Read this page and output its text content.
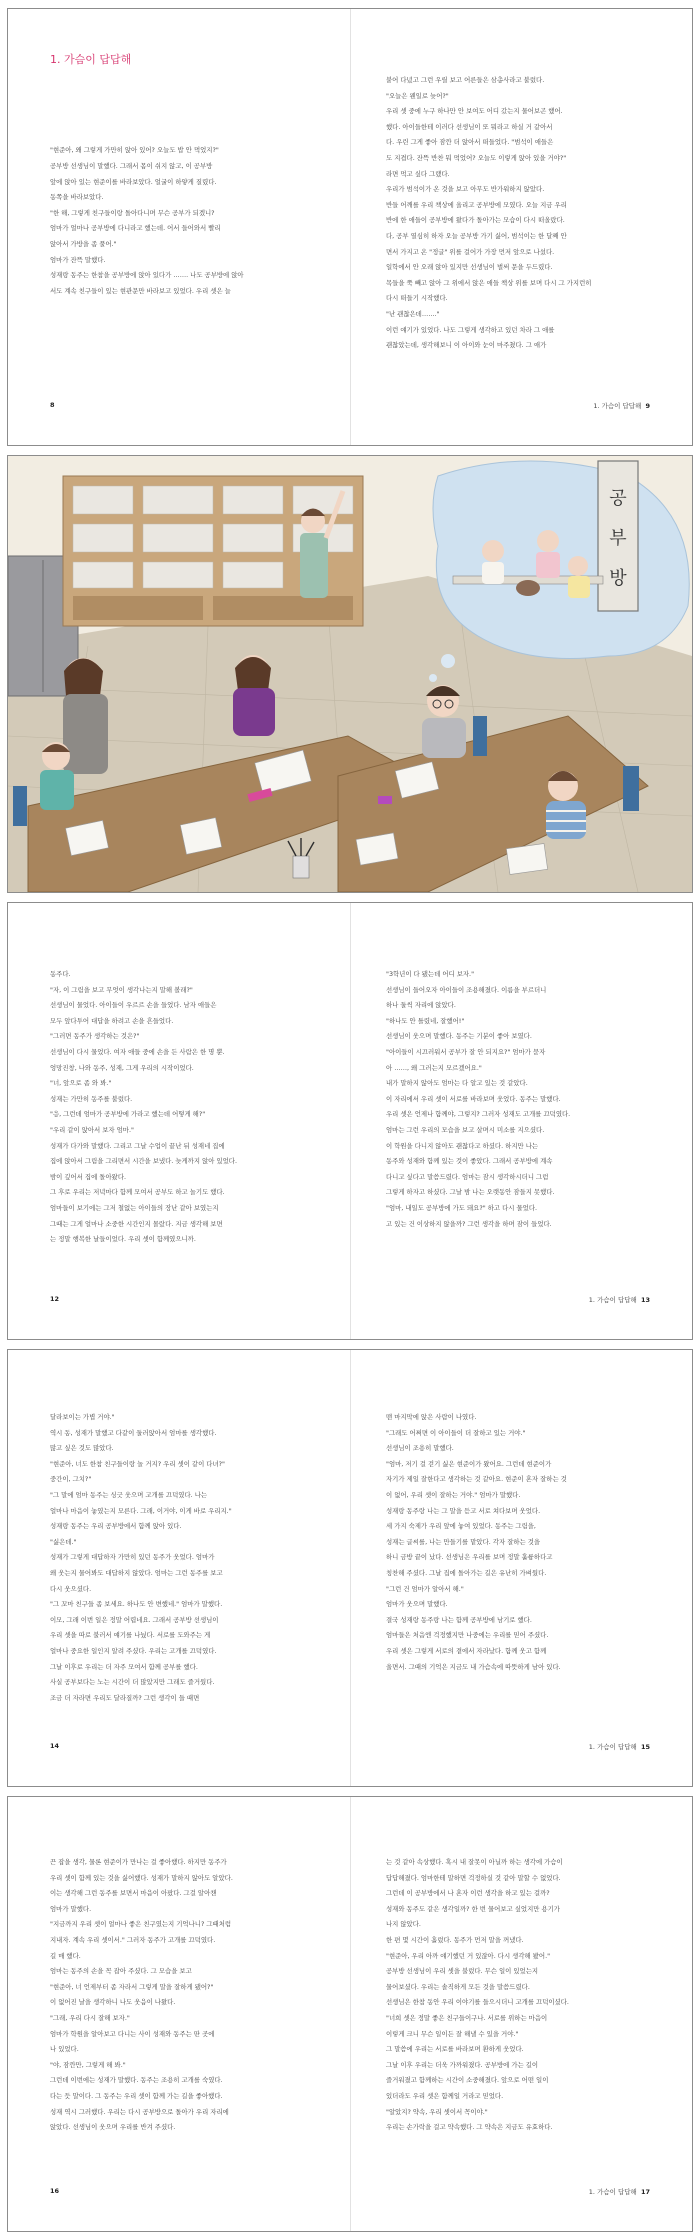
1. 가슴이 답답해

"현준아, 왜 그렇게 가만히 앉아 있어? 오늘도 밥 안 먹었지?"

공부방 선생님이 말했다. 그래서 몸이 쉬지 않고, 이 공부방

앞에 앉아 있는 현준이를 바라보았다. 얼굴이 하얗게 질렸다.

동쪽을 바라보았다.

"한 해, 그렇게 친구들이랑 돌아다니며 무슨 공부가 되겠니?

엄마가 얼마나 공부방에 다니라고 했는데. 어서 들어와서 빨리

앉아서 가방을 좀 풀어."

엄마가 잔뜩 말했다.

성재랑 동주는 한참을 공부방에 앉아 있다가 ……. 나도 공부방에 앉아

서도 계속 친구들이 있는 현관문만 바라보고 있었다. 우리 셋은 늘

붙어 다녔고 그런 우릴 보고 어른들은 삼총사라고 불렀다.

"오늘은 웬일로 늦어?"

우리 셋 중에 누구 하나만 안 보여도 어디 갔는지 물어보곤 했어.

했다. 아이들한테 이러다 선생님이 또 뭐라고 하실 거 같아서

다. 우린 그게 좋아 잠깐 더 앉아서 떠들었다. "범석이 애들은

도 지겹다. 잔뜩 반찬 뭐 먹었어? 오늘도 이렇게 앉아 있을 거야?"

라면 먹고 싶다 그랬다.

우리가 범석이가 온 것을 보고 아무도 반가워하지 않았다.

반들 어깨를 우리 책상에 올리고 공부방에 모였다. 오늘 지금 우리

반에 한 애들이 공부방에 왔다가 돌아가는 모습이 다시 떠올랐다.

다, 공부 열심히 하자 오늘 공부방 가기 싫어, 범석이는 한 달째 안

면서 가지고 온 "정글" 위를 걸어가 가장 먼저 앞으로 나섰다.

일학에서 안 오래 앉아 있지만 선생님이 벌써 문을 두드렸다.

목들을 쭉 빼고 앉아 그 위에서 앉은 애들 책상 위를 보며 다시 그 가지런히

다시 떠들기 시작했다.

"난 괜찮은데……."

이런 얘기가 있었다. 나도 그렇게 생각하고 있던 차라 그 애를

괜찮았는데, 생각해보니 이 아이와 눈이 마주쳤다. 그 애가

8	1. 가슴이 답답해 9
공
부
방

동주다.

"자, 이 그림을 보고 무엇이 생각나는지 말해 볼래?"

선생님이 물었다. 아이들이 우르르 손을 들었다. 남자 애들은

모두 앞다투어 대답을 하려고 손을 흔들었다.

"그러면 동주가 생각하는 것은?"

선생님이 다시 물었다. 여자 애들 중에 손을 든 사람은 한 명 뿐.

엉망진창, 나와 동주, 성재, 그게 우리의 시작이었다.

"너, 앞으로 좀 와 봐."

성재는 가만히 동주를 불렀다.

"응, 그런데 엄마가 공부방에 가라고 했는데 어떻게 해?"

"우리 같이 앉아서 보자 엄마."

성재가 다가와 말했다. 그리고 그날 수업이 끝난 뒤 성재네 집에

집에 앉아서 그림을 그리면서 시간을 보냈다. 늦게까지 앉아 있었다.

밤이 깊어서 집에 돌아왔다.

그 후로 우리는 저녁마다 함께 모여서 공부도 하고 놀기도 했다.

엄마들이 보기에는 그저 철없는 아이들의 장난 같아 보였는지

그때는 그게 얼마나 소중한 시간인지 몰랐다. 지금 생각해 보면

는 정말 행복한 날들이었다. 우리 셋이 함께였으니까.

"3학년이 다 됐는데 어디 보자."

선생님이 들어오자 아이들이 조용해졌다. 이름을 부르더니

하나 둘씩 자리에 앉았다.

"하나도 안 틀렸네, 잘했어!"

선생님이 웃으며 말했다. 동주는 기분이 좋아 보였다.

"아이들이 시끄러워서 공부가 잘 안 되지요?" 엄마가 묻자

아 ……, 왜 그러는지 모르겠어요."

내가 말하지 않아도 엄마는 다 알고 있는 것 같았다.

이 자리에서 우리 셋이 서로를 바라보며 웃었다. 동주는 말했다.

우리 셋은 언제나 함께야, 그렇지? 그러자 성재도 고개를 끄덕였다.

엄마는 그런 우리의 모습을 보고 살며시 미소를 지으셨다.

이 학원을 다니지 않아도 괜찮다고 하셨다. 하지만 나는

동주와 성재와 함께 있는 것이 좋았다. 그래서 공부방에 계속

다니고 싶다고 말씀드렸다. 엄마는 잠시 생각하시더니 그럼

그렇게 하자고 하셨다. 그날 밤 나는 오랫동안 잠들지 못했다.

"엄마, 내일도 공부방에 가도 돼요?" 하고 다시 물었다.

고 있는 건 이상하지 않을까? 그런 생각을 하며 잠이 들었다.

12	1. 가슴이 답답해 13

달라보이는 가볍 거야."

역시 동, 성재가 말했고 다같이 둘러앉아서 엄마를 생각했다.

많고 싶은 것도 많았다.

"현준아, 너도 한참 친구들이랑 놀 거지? 우리 셋이 같이 다녀?"

중간이, 그치?"

"그 말에 엄마 동주는 싱긋 웃으며 고개를 끄덕였다. 나는

얼마나 마음이 놓였는지 모른다. 그래, 이거야, 이게 바로 우리지."

성재랑 동주는 우리 공부방에서 함께 앉아 있다.

"싫은데."

성재가 그렇게 대답하자 가만히 있던 동주가 웃었다. 엄마가

왜 웃는지 물어봐도 대답하지 않았다. 엄마는 그런 동주를 보고

다시 웃으셨다.

"그 꼬마 친구들 좀 보세요. 하나도 안 변했네." 엄마가 말했다.

이모, 그래 이번 일은 정말 어렵네요. 그래서 공부방 선생님이

우리 셋을 따로 불러서 얘기를 나눴다. 서로를 도와주는 게

얼마나 중요한 일인지 알려 주셨다. 우리는 고개를 끄덕였다.

그날 이후로 우리는 더 자주 모여서 함께 공부를 했다.

사실 공부보다는 노는 시간이 더 많았지만 그래도 즐거웠다.

조금 더 자라면 우리도 달라질까? 그런 생각이 들 때면

맨 마지막에 앉은 사람이 나였다.

"그래도 어쩌면 이 아이들이 더 잘하고 있는 거야."

선생님이 조용히 말했다.

"엄마, 저기 걸 걷기 싫은 현준이가 왔어요. 그런데 현준이가

자기가 제일 잘한다고 생각하는 것 같아요. 현준이 혼자 잘하는 것

이 없어, 우리 셋이 잘하는 거야." 엄마가 말했다.

성재랑 동주랑 나는 그 말을 듣고 서로 쳐다보며 웃었다.

세 가지 숙제가 우리 앞에 놓여 있었다. 동주는 그림을,

성재는 글씨를, 나는 만들기를 맡았다. 각자 잘하는 것을

하니 금방 끝이 났다. 선생님은 우리를 보며 정말 훌륭하다고

칭찬해 주셨다. 그날 집에 돌아가는 길은 유난히 가벼웠다.

"그런 건 엄마가 알아서 해."

엄마가 웃으며 말했다.

결국 성재랑 동주랑 나는 함께 공부방에 남기로 했다.

엄마들은 처음엔 걱정했지만 나중에는 우리를 믿어 주셨다.

우리 셋은 그렇게 서로의 곁에서 자라났다. 함께 웃고 함께

울면서. 그때의 기억은 지금도 내 가슴속에 따뜻하게 남아 있다.

14	1. 가슴이 답답해 15

끈 잡을 생각, 물론 현준이가 만나는 걸 좋아했다. 하지만 동주가

우리 셋이 함께 있는 것을 싫어했다. 성재가 말하지 않아도 알았다.

이는 생각해 그런 동주를 보면서 마음이 아팠다. 그걸 알아챈

엄마가 말했다.

"지금까지 우리 셋이 얼마나 좋은 친구였는지 기억나니? 그때처럼

지내자. 계속 우리 셋이서." 그러자 동주가 고개를 끄덕였다.

길 매 했다.

엄마는 동주의 손을 꼭 잡아 주셨다. 그 모습을 보고

"현준아, 너 언제부터 좀 자라서 그렇게 말을 잘하게 됐어?"

이 없어진 날을 생각하니 나도 웃음이 나왔다.

"그래, 우리 다시 잘해 보자."

엄마가 학원을 알아보고 다니는 사이 성재와 동주는 딴 곳에

나 있었다.

"야, 잠깐만, 그렇게 해 봐."

그런데 이번에는 성재가 말했다. 동주는 조용히 고개를 숙였다.

다는 듯 말이다. 그 동주는 우리 셋이 함께 가는 길을 좋아했다.

성재 역시 그러했다. 우리는 다시 공부방으로 돌아가 우리 자리에

앉았다. 선생님이 웃으며 우리를 반겨 주셨다.

는 것 같아 속상했다. 혹시 내 잘못이 아닐까 하는 생각에 가슴이

답답해졌다. 엄마한테 말하면 걱정하실 것 같아 말할 수 없었다.

그런데 이 공부방에서 나 혼자 이런 생각을 하고 있는 걸까?

성재와 동주도 같은 생각일까? 한 번 물어보고 싶었지만 용기가

나지 않았다.

한 편 몇 시간이 흘렀다. 동주가 먼저 말을 꺼냈다.

"현준아, 우리 아까 얘기했던 거 있잖아. 다시 생각해 봤어."

공부방 선생님이 우리 셋을 불렀다. 무슨 일이 있었는지

물어보셨다. 우리는 솔직하게 모든 것을 말씀드렸다.

선생님은 한참 동안 우리 이야기를 들으시더니 고개를 끄덕이셨다.

"너희 셋은 정말 좋은 친구들이구나. 서로를 위하는 마음이

이렇게 크니 무슨 일이든 잘 해낼 수 있을 거야."

그 말씀에 우리는 서로를 바라보며 환하게 웃었다.

그날 이후 우리는 더욱 가까워졌다. 공부방에 가는 길이

즐거워졌고 함께하는 시간이 소중해졌다. 앞으로 어떤 일이

있더라도 우리 셋은 함께일 거라고 믿었다.

"알았지? 약속, 우리 셋이서 꼭이야."

우리는 손가락을 걸고 약속했다. 그 약속은 지금도 유효하다.

16	1. 가슴이 답답해 17
